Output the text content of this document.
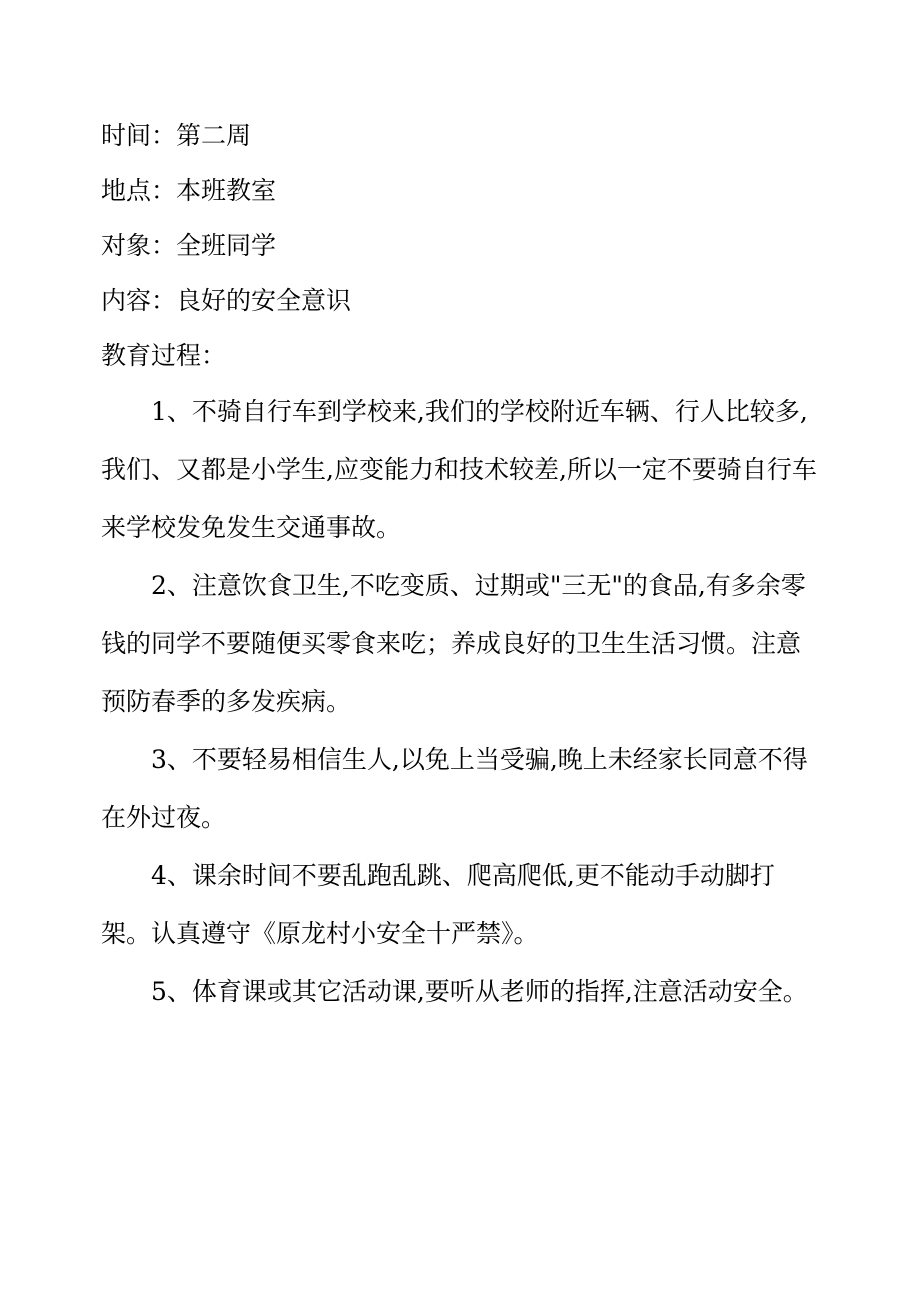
时间：第二周

地点：本班教室

对象：全班同学

内容：良好的安全意识

教育过程：

1、不骑自行车到学校来,我们的学校附近车辆、行人比较多,我们、又都是小学生,应变能力和技术较差,所以一定不要骑自行车来学校发免发生交通事故。

2、注意饮食卫生,不吃变质、过期或"三无"的食品,有多余零钱的同学不要随便买零食来吃；养成良好的卫生生活习惯。注意预防春季的多发疾病。

3、不要轻易相信生人,以免上当受骗,晚上未经家长同意不得在外过夜。

4、课余时间不要乱跑乱跳、爬高爬低,更不能动手动脚打架。认真遵守《原龙村小安全十严禁》。

5、体育课或其它活动课,要听从老师的指挥,注意活动安全。
